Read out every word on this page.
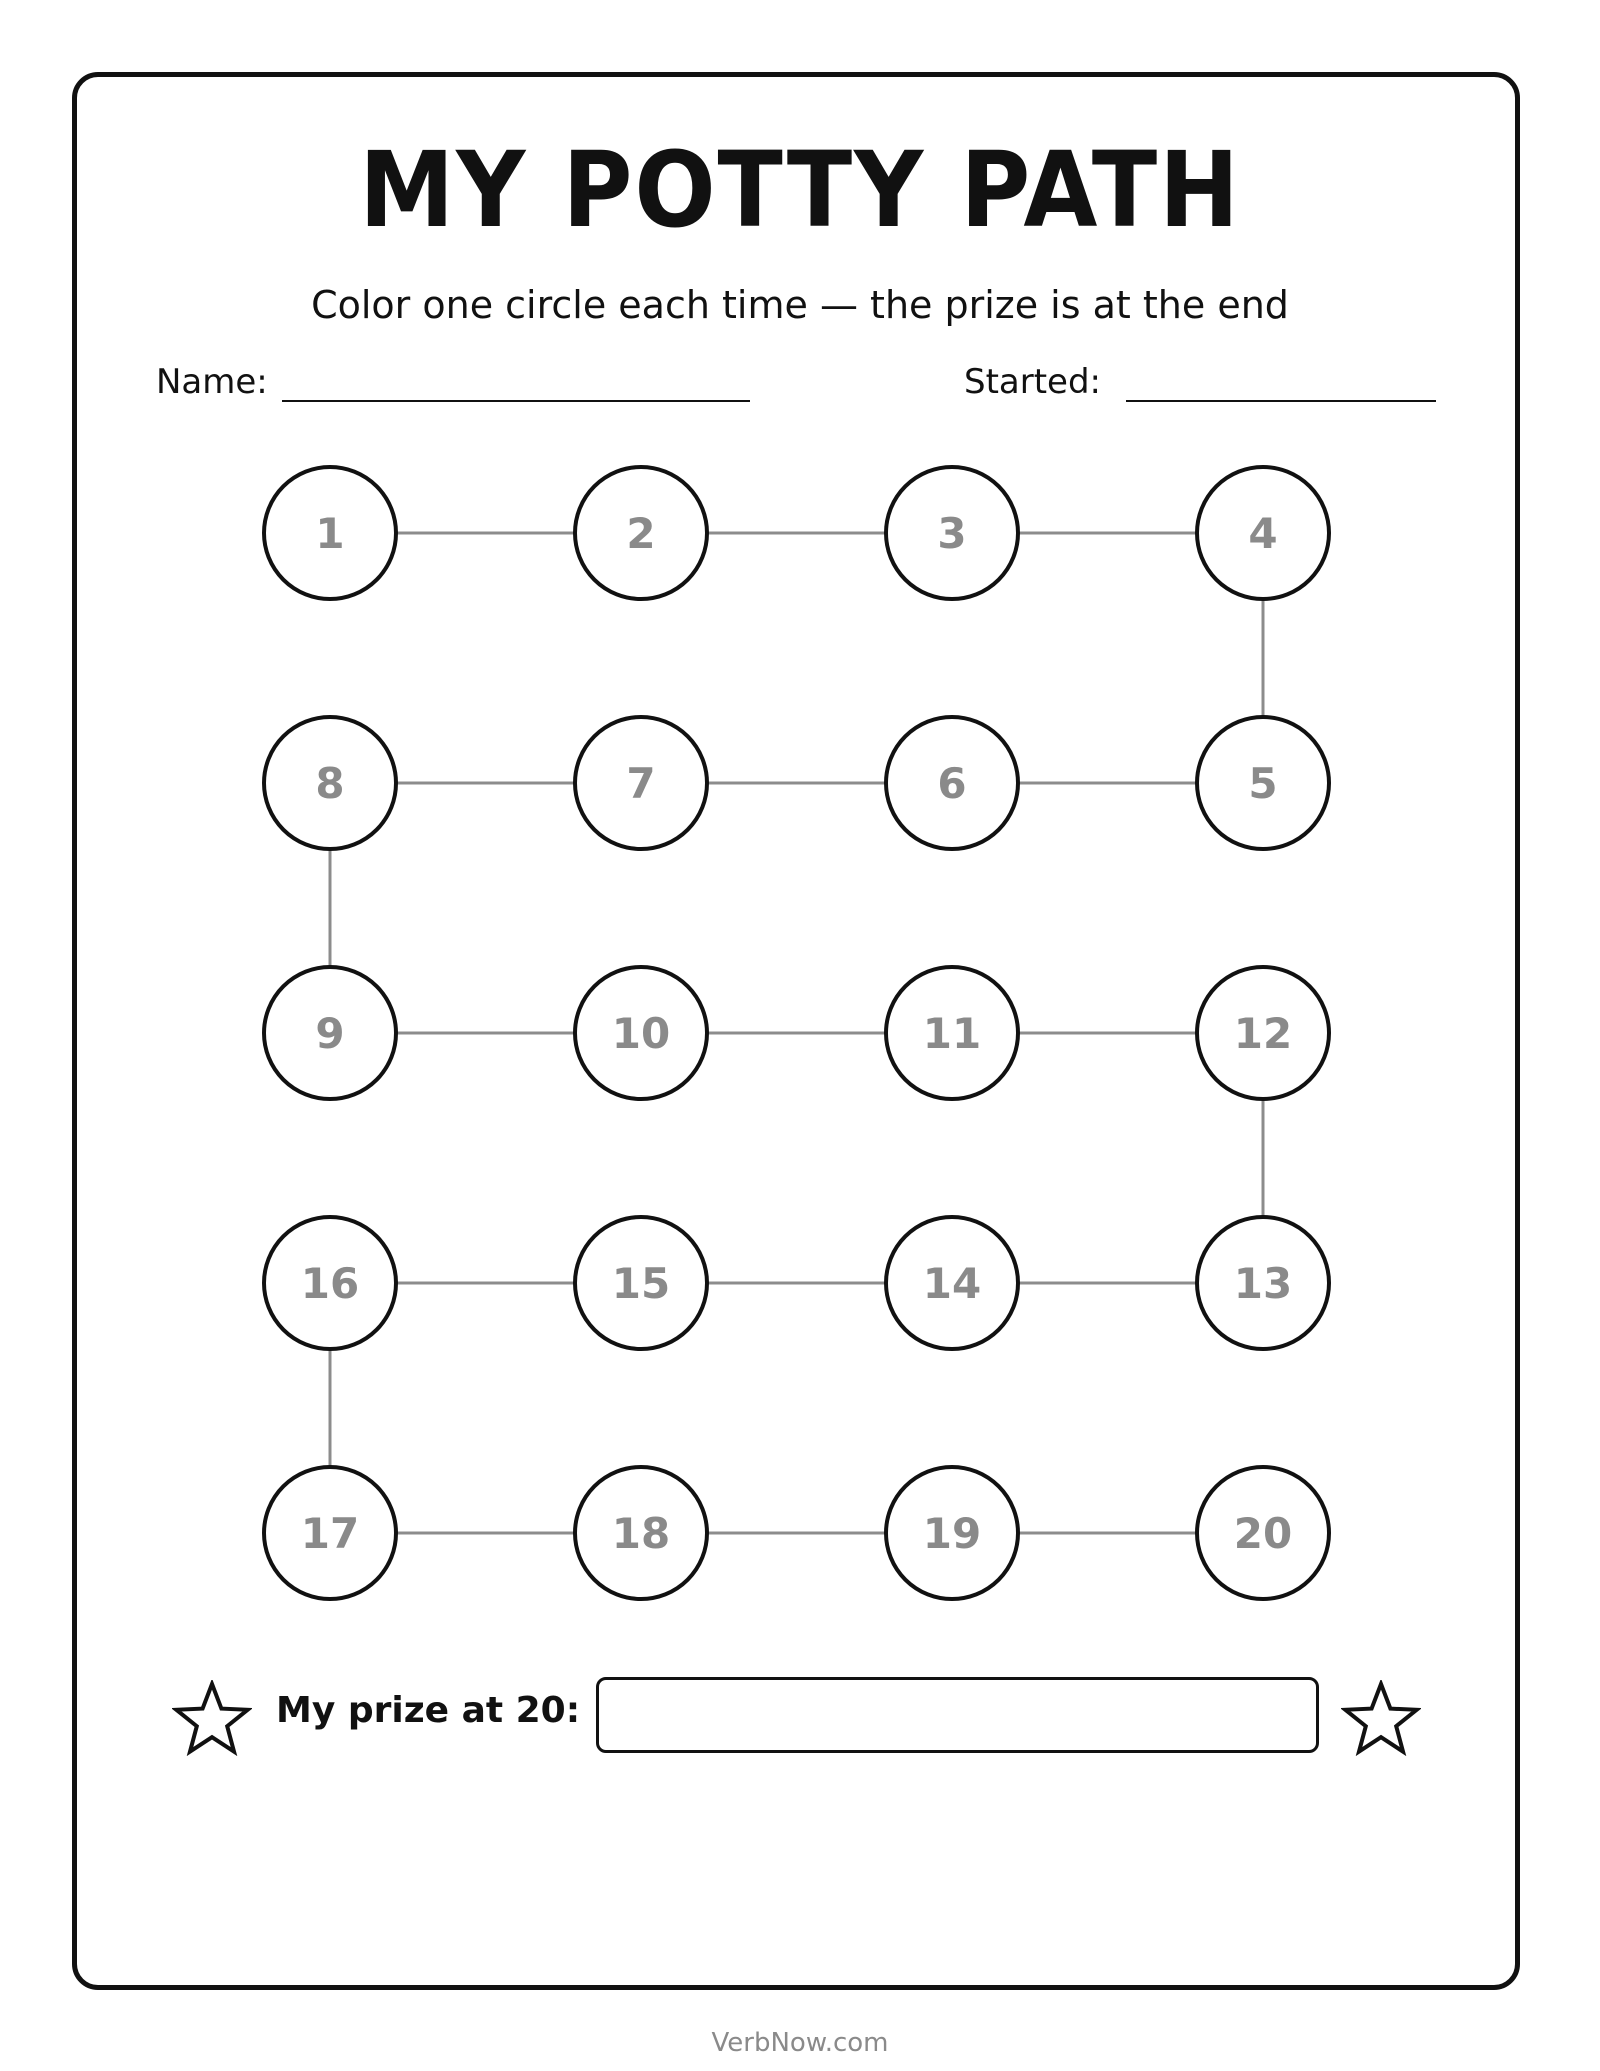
MY POTTY PATH
Color one circle each time — the prize is at the end
Name:	Started:
1	2	3	4
5
6
7
8
9	10	11	12
13
14
15
16
17	18	19	20
My prize at 20:
VerbNow.com
